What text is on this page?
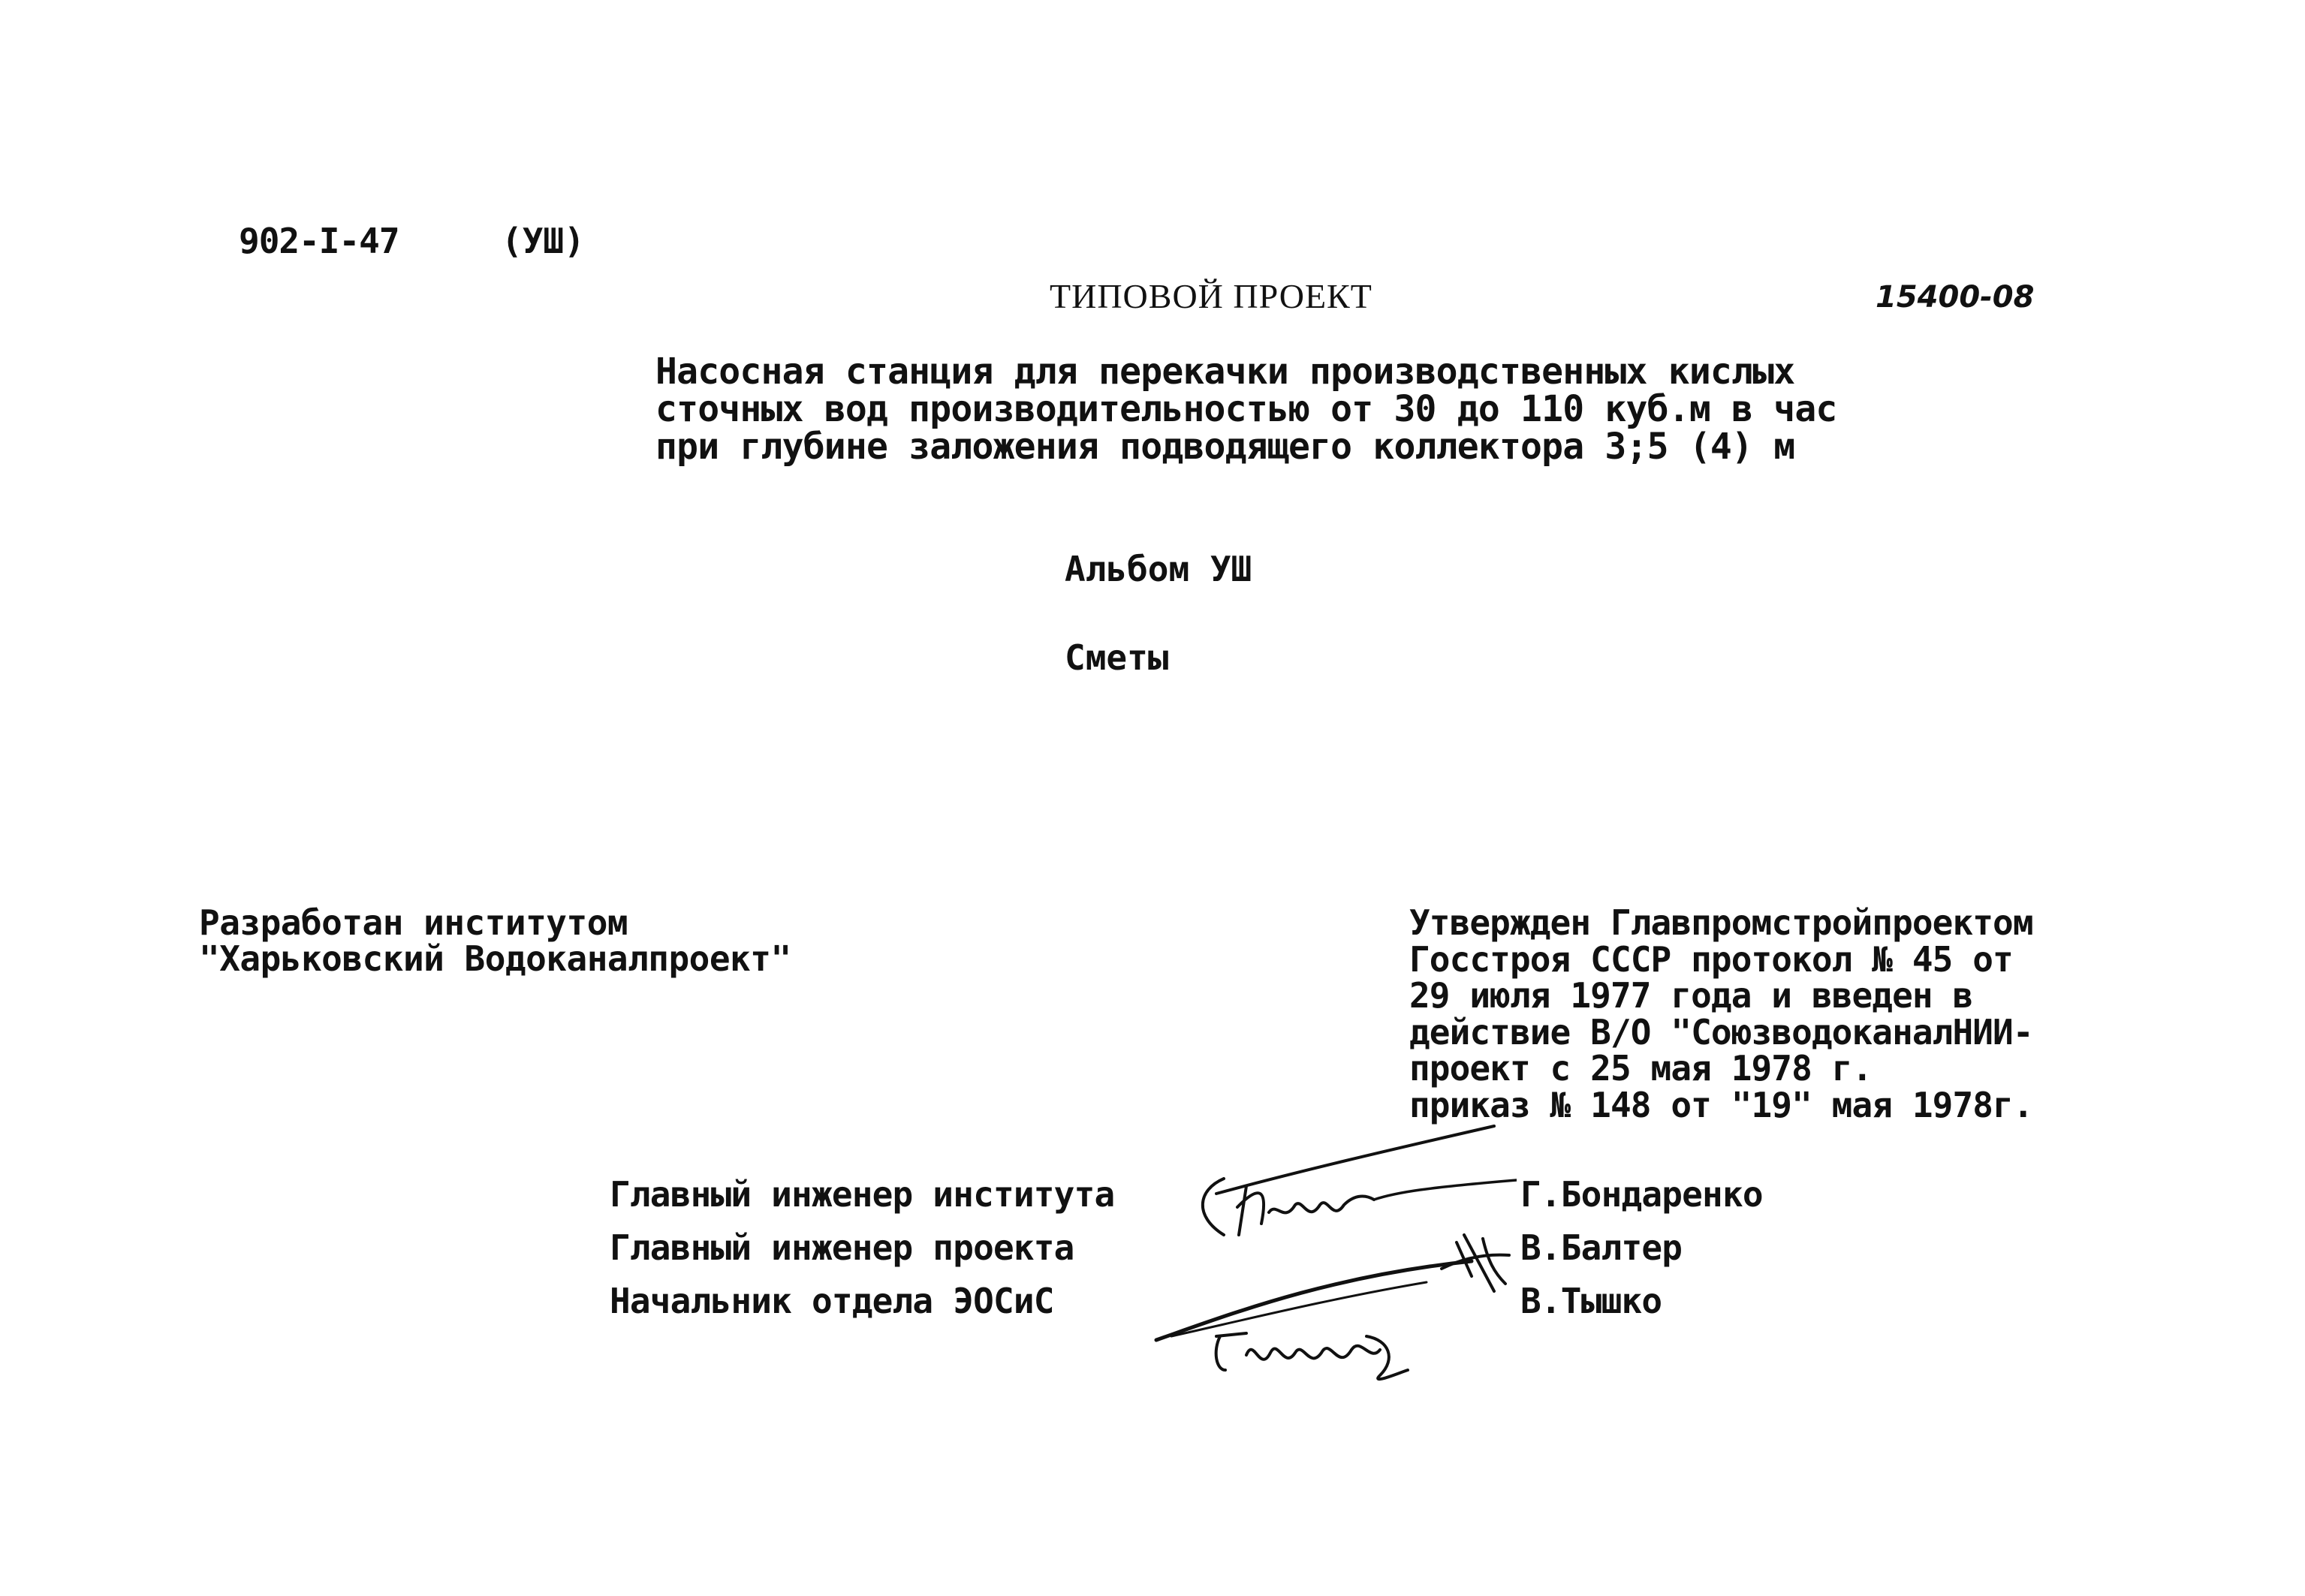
902-I-47	(УШ)
ТИПОВОЙ ПРОЕКТ	15400-08
Насосная станция для перекачки производственных кислых
сточных вод производительностью от 30 до 110 куб.м в час
при глубине заложения подводящего коллектора 3;5 (4) м
Альбом УШ
Сметы
Разработан институтом
"Харьковский Водоканалпроект"
Утвержден Главпромстройпроектом
Госстроя СССР протокол № 45 от
29 июля 1977 года и введен в
действие В/О "СоюзводоканалНИИ-
проект с 25 мая 1978 г.
приказ № 148 от "19" мая 1978г.
Главный инженер института
Главный инженер проекта
Начальник отдела ЭОСиС
Г.Бондаренко
В.Балтер
В.Тышко
